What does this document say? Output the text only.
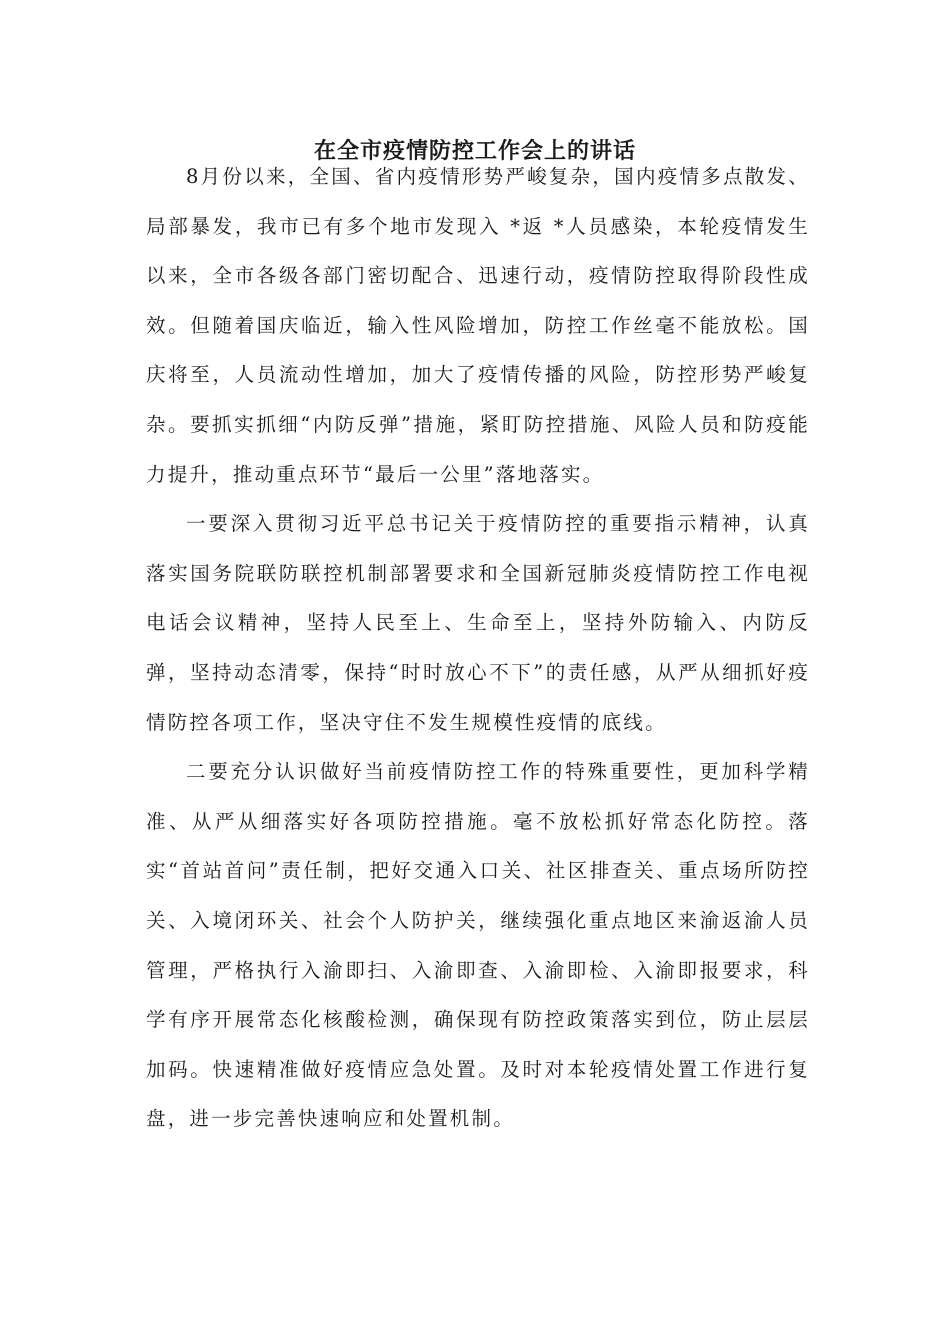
在全市疫情防控工作会上的讲话

8月份以来，全国、省内疫情形势严峻复杂，国内疫情多点散发、局部暴发，我市已有多个地市发现入 *返 *人员感染，本轮疫情发生以来，全市各级各部门密切配合、迅速行动，疫情防控取得阶段性成效。但随着国庆临近，输入性风险增加，防控工作丝毫不能放松。国庆将至，人员流动性增加，加大了疫情传播的风险，防控形势严峻复杂。要抓实抓细“内防反弹”措施，紧盯防控措施、风险人员和防疫能力提升，推动重点环节“最后一公里”落地落实。

一要深入贯彻习近平总书记关于疫情防控的重要指示精神，认真落实国务院联防联控机制部署要求和全国新冠肺炎疫情防控工作电视电话会议精神，坚持人民至上、生命至上，坚持外防输入、内防反弹，坚持动态清零，保持“时时放心不下”的责任感，从严从细抓好疫情防控各项工作，坚决守住不发生规模性疫情的底线。

二要充分认识做好当前疫情防控工作的特殊重要性，更加科学精准、从严从细落实好各项防控措施。毫不放松抓好常态化防控。落实“首站首问”责任制，把好交通入口关、社区排查关、重点场所防控关、入境闭环关、社会个人防护关，继续强化重点地区来渝返渝人员管理，严格执行入渝即扫、入渝即查、入渝即检、入渝即报要求，科学有序开展常态化核酸检测，确保现有防控政策落实到位，防止层层加码。快速精准做好疫情应急处置。及时对本轮疫情处置工作进行复盘，进一步完善快速响应和处置机制。
